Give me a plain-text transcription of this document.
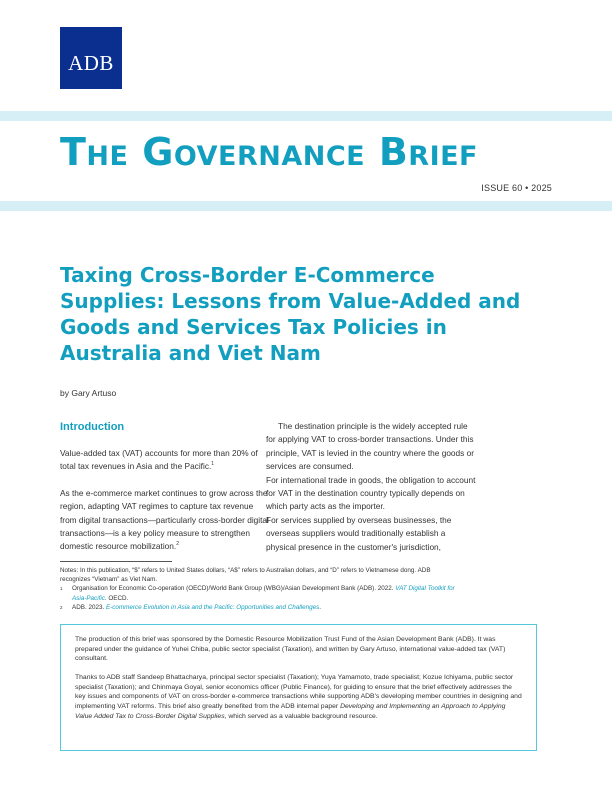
ADB
The Governance Brief
ISSUE 60 • 2025
Taxing Cross-Border E-Commerce Supplies: Lessons from Value-Added and Goods and Services Tax Policies in Australia and Viet Nam
by Gary Artuso
Introduction

Value-added tax (VAT) accounts for more than 20% of total tax revenues in Asia and the Pacific.$^1$

As the e-commerce market continues to grow across the region, adapting VAT regimes to capture tax revenue from digital transactions—particularly cross-border digital transactions—is a key policy measure to strengthen domestic resource mobilization.$^2$

The destination principle is the widely accepted rule for applying VAT to cross-border transactions. Under this principle, VAT is levied in the country where the goods or services are consumed.

For international trade in goods, the obligation to account for VAT in the destination country typically depends on which party acts as the importer.

For services supplied by overseas businesses, the overseas suppliers would traditionally establish a physical presence in the customer's jurisdiction,

Notes: In this publication, “$” refers to United States dollars, “A$” refers to Australian dollars, and “D” refers to Vietnamese dong. ADB recognizes “Vietnam” as Viet Nam.
1 Organisation for Economic Co-operation (OECD)/World Bank Group (WBG)/Asian Development Bank (ADB). 2022. VAT Digital Toolkit for Asia-Pacific. OECD.
2 ADB. 2023. E-commerce Evolution in Asia and the Pacific: Opportunities and Challenges.

The production of this brief was sponsored by the Domestic Resource Mobilization Trust Fund of the Asian Development Bank (ADB). It was prepared under the guidance of Yuhei Chiba, public sector specialist (Taxation), and written by Gary Artuso, international value-added tax (VAT) consultant.

Thanks to ADB staff Sandeep Bhattacharya, principal sector specialist (Taxation); Yuya Yamamoto, trade specialist; Kozue Ichiyama, public sector specialist (Taxation); and Chinmaya Goyal, senior economics officer (Public Finance), for guiding to ensure that the brief effectively addresses the key issues and components of VAT on cross-border e-commerce transactions while supporting ADB's developing member countries in designing and implementing VAT reforms. This brief also greatly benefited from the ADB internal paper Developing and Implementing an Approach to Applying Value Added Tax to Cross-Border Digital Supplies, which served as a valuable background resource.
